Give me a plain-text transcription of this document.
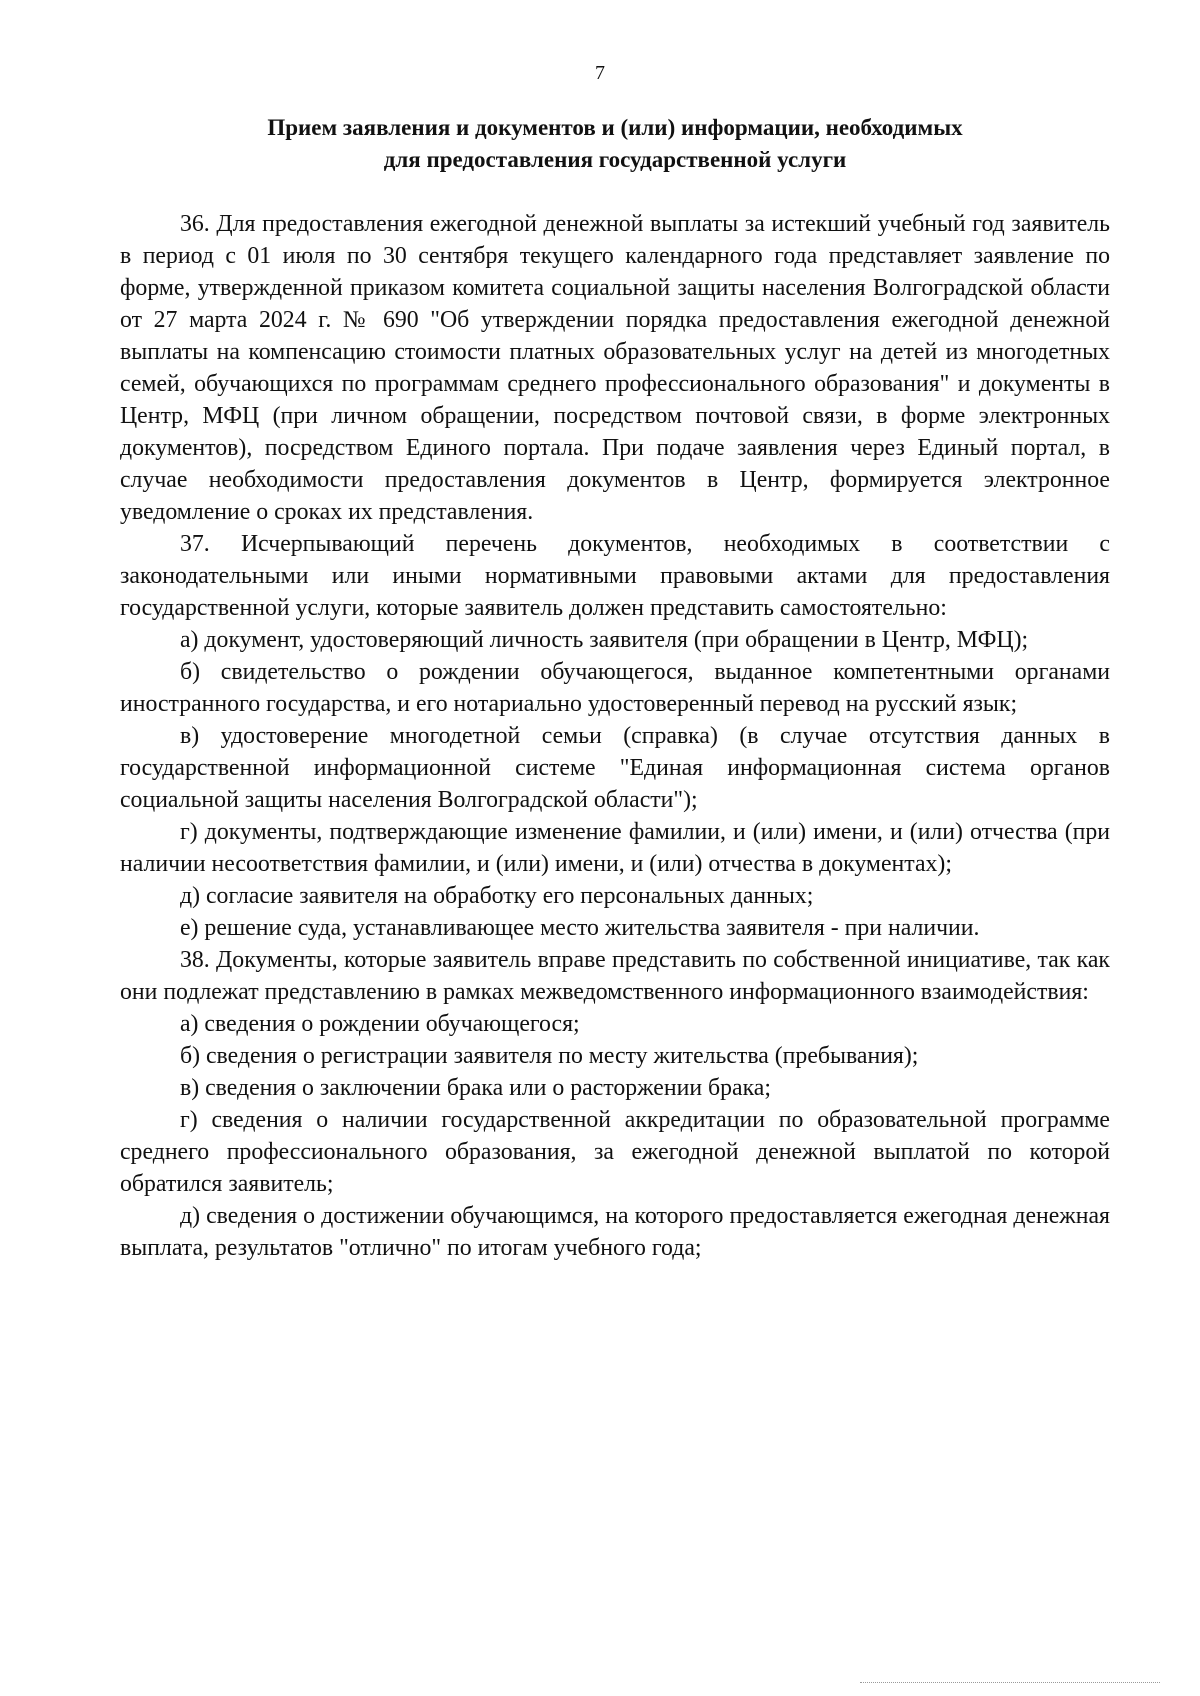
7
Прием заявления и документов и (или) информации, необходимых
для предоставления государственной услуги

36. Для предоставления ежегодной денежной выплаты за истекший учебный год заявитель в период с 01 июля по 30 сентября текущего календарного года представляет заявление по форме, утвержденной приказом комитета социальной защиты населения Волгоградской области от 27 марта 2024 г. № 690 "Об утверждении порядка предоставления ежегодной денежной выплаты на компенсацию стоимости платных образовательных услуг на детей из многодетных семей, обучающихся по программам среднего профессионального образования" и документы в Центр, МФЦ (при личном обращении, посредством почтовой связи, в форме электронных документов), посредством Единого портала. При подаче заявления через Единый портал, в случае необходимости предоставления документов в Центр, формируется электронное уведомление о сроках их представления.

37. Исчерпывающий перечень документов, необходимых в соответствии с законодательными или иными нормативными правовыми актами для предоставления государственной услуги, которые заявитель должен представить самостоятельно:

а) документ, удостоверяющий личность заявителя (при обращении в Центр, МФЦ);

б) свидетельство о рождении обучающегося, выданное компетентными органами иностранного государства, и его нотариально удостоверенный перевод на русский язык;

в) удостоверение многодетной семьи (справка) (в случае отсутствия данных в государственной информационной системе "Единая информационная система органов социальной защиты населения Волгоградской области");

г) документы, подтверждающие изменение фамилии, и (или) имени, и (или) отчества (при наличии несоответствия фамилии, и (или) имени, и (или) отчества в документах);

д) согласие заявителя на обработку его персональных данных;

е) решение суда, устанавливающее место жительства заявителя - при наличии.

38. Документы, которые заявитель вправе представить по собственной инициативе, так как они подлежат представлению в рамках межведомственного информационного взаимодействия:

а) сведения о рождении обучающегося;

б) сведения о регистрации заявителя по месту жительства (пребывания);

в) сведения о заключении брака или о расторжении брака;

г) сведения о наличии государственной аккредитации по образовательной программе среднего профессионального образования, за ежегодной денежной выплатой по которой обратился заявитель;

д) сведения о достижении обучающимся, на которого предоставляется ежегодная денежная выплата, результатов "отлично" по итогам учебного года;
